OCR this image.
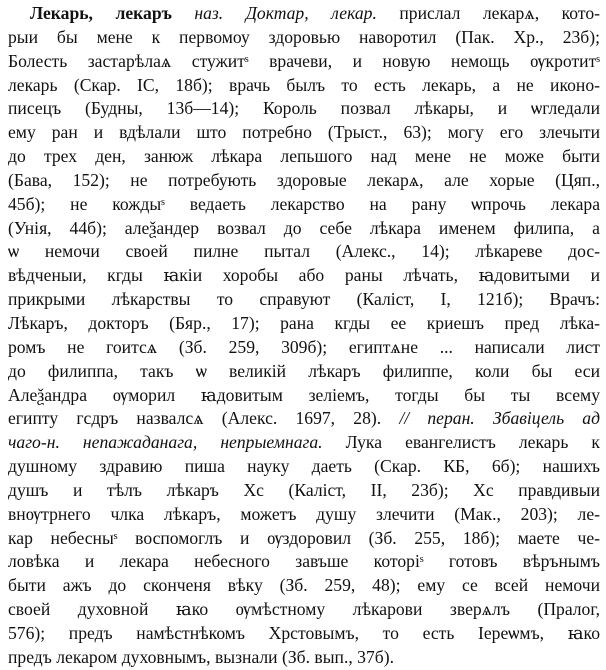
Лекарь, лекаръ наз. Доктар, лекар. прислал лекарѧ, кото-
рыи бы мене к первомоу здоровью наворотил (Пак. Хр., 23б);
Болесть застарѣлаѧ стужитˢ врачеви, и новую немощь ѹкротитˢ
лекарь (Скар. IC, 18б); врачь былъ то есть лекарь, а не иконо-
писецъ (Будны, 13б—14); Король позвал лѣкары, и ѡгледали
ему ран и вдѣлали што потребно (Трыст., 63); могу его злечыти
до трех ден, занюж лѣкара лепьшого над мене не може быти
(Бава, 152); не потребують здоровые лекарѧ, але хорые (Цяп.,
45б); не кождыˢ ведаеть лекарство на рану ѡпрочь лекара
(Унія, 44б); алеѯандер возвал до себе лѣкара именем филипа, а
ѡ немочи своей пилне пытал (Алекс., 14); лѣкареве дос-
вѣдченыи, кгды ꙗкіи хоробы або раны лѣчать, ꙗдовитыми и
прикрыми лѣкарствы то справуют (Каліст, I, 121б); Врачъ:
Лѣкаръ, докторъ (Бяр., 17); рана кгды ее криешъ пред лѣка-
ромъ не гоитсѧ (Зб. 259, 309б); египтѧне ... написали лист
до филиппа, такъ ѡ великій лѣкаръ филиппе, коли бы еси
Алеѯандра ѹморил ꙗдовитым зеліемъ, тогды бы ты всему
египту гсдръ назвалсѧ (Алекс. 1697, 28). // перан. Збавіцель ад
чаго-н. непажаданага, непрыемнага. Лука евангелистъ лекарь к
душному здравию пиша науку даеть (Скар. КБ, 6б); нашихъ
душъ и тѣлъ лѣкаръ Хс (Каліст, II, 23б); Хс правдивыи
внѹтрнего члка лѣкаръ, можетъ душу злечити (Мак., 203); ле-
кар небесныˢ воспомоглъ и ѹздоровил (Зб. 255, 18б); маете че-
ловѣка и лекара небесного завъше которіˢ готовъ вѣрънымъ
быти ажъ до сконченя вѣку (Зб. 259, 48); ему се всей немочи
своей духовной ꙗко ѹмѣстному лѣкарови зверѧлъ (Пралог,
576); предъ намѣстнѣкомъ Хрстовымъ, то есть Іереѡмъ, ꙗко
предъ лекаром духовнымъ, вызнали (Зб. вып., 37б).
